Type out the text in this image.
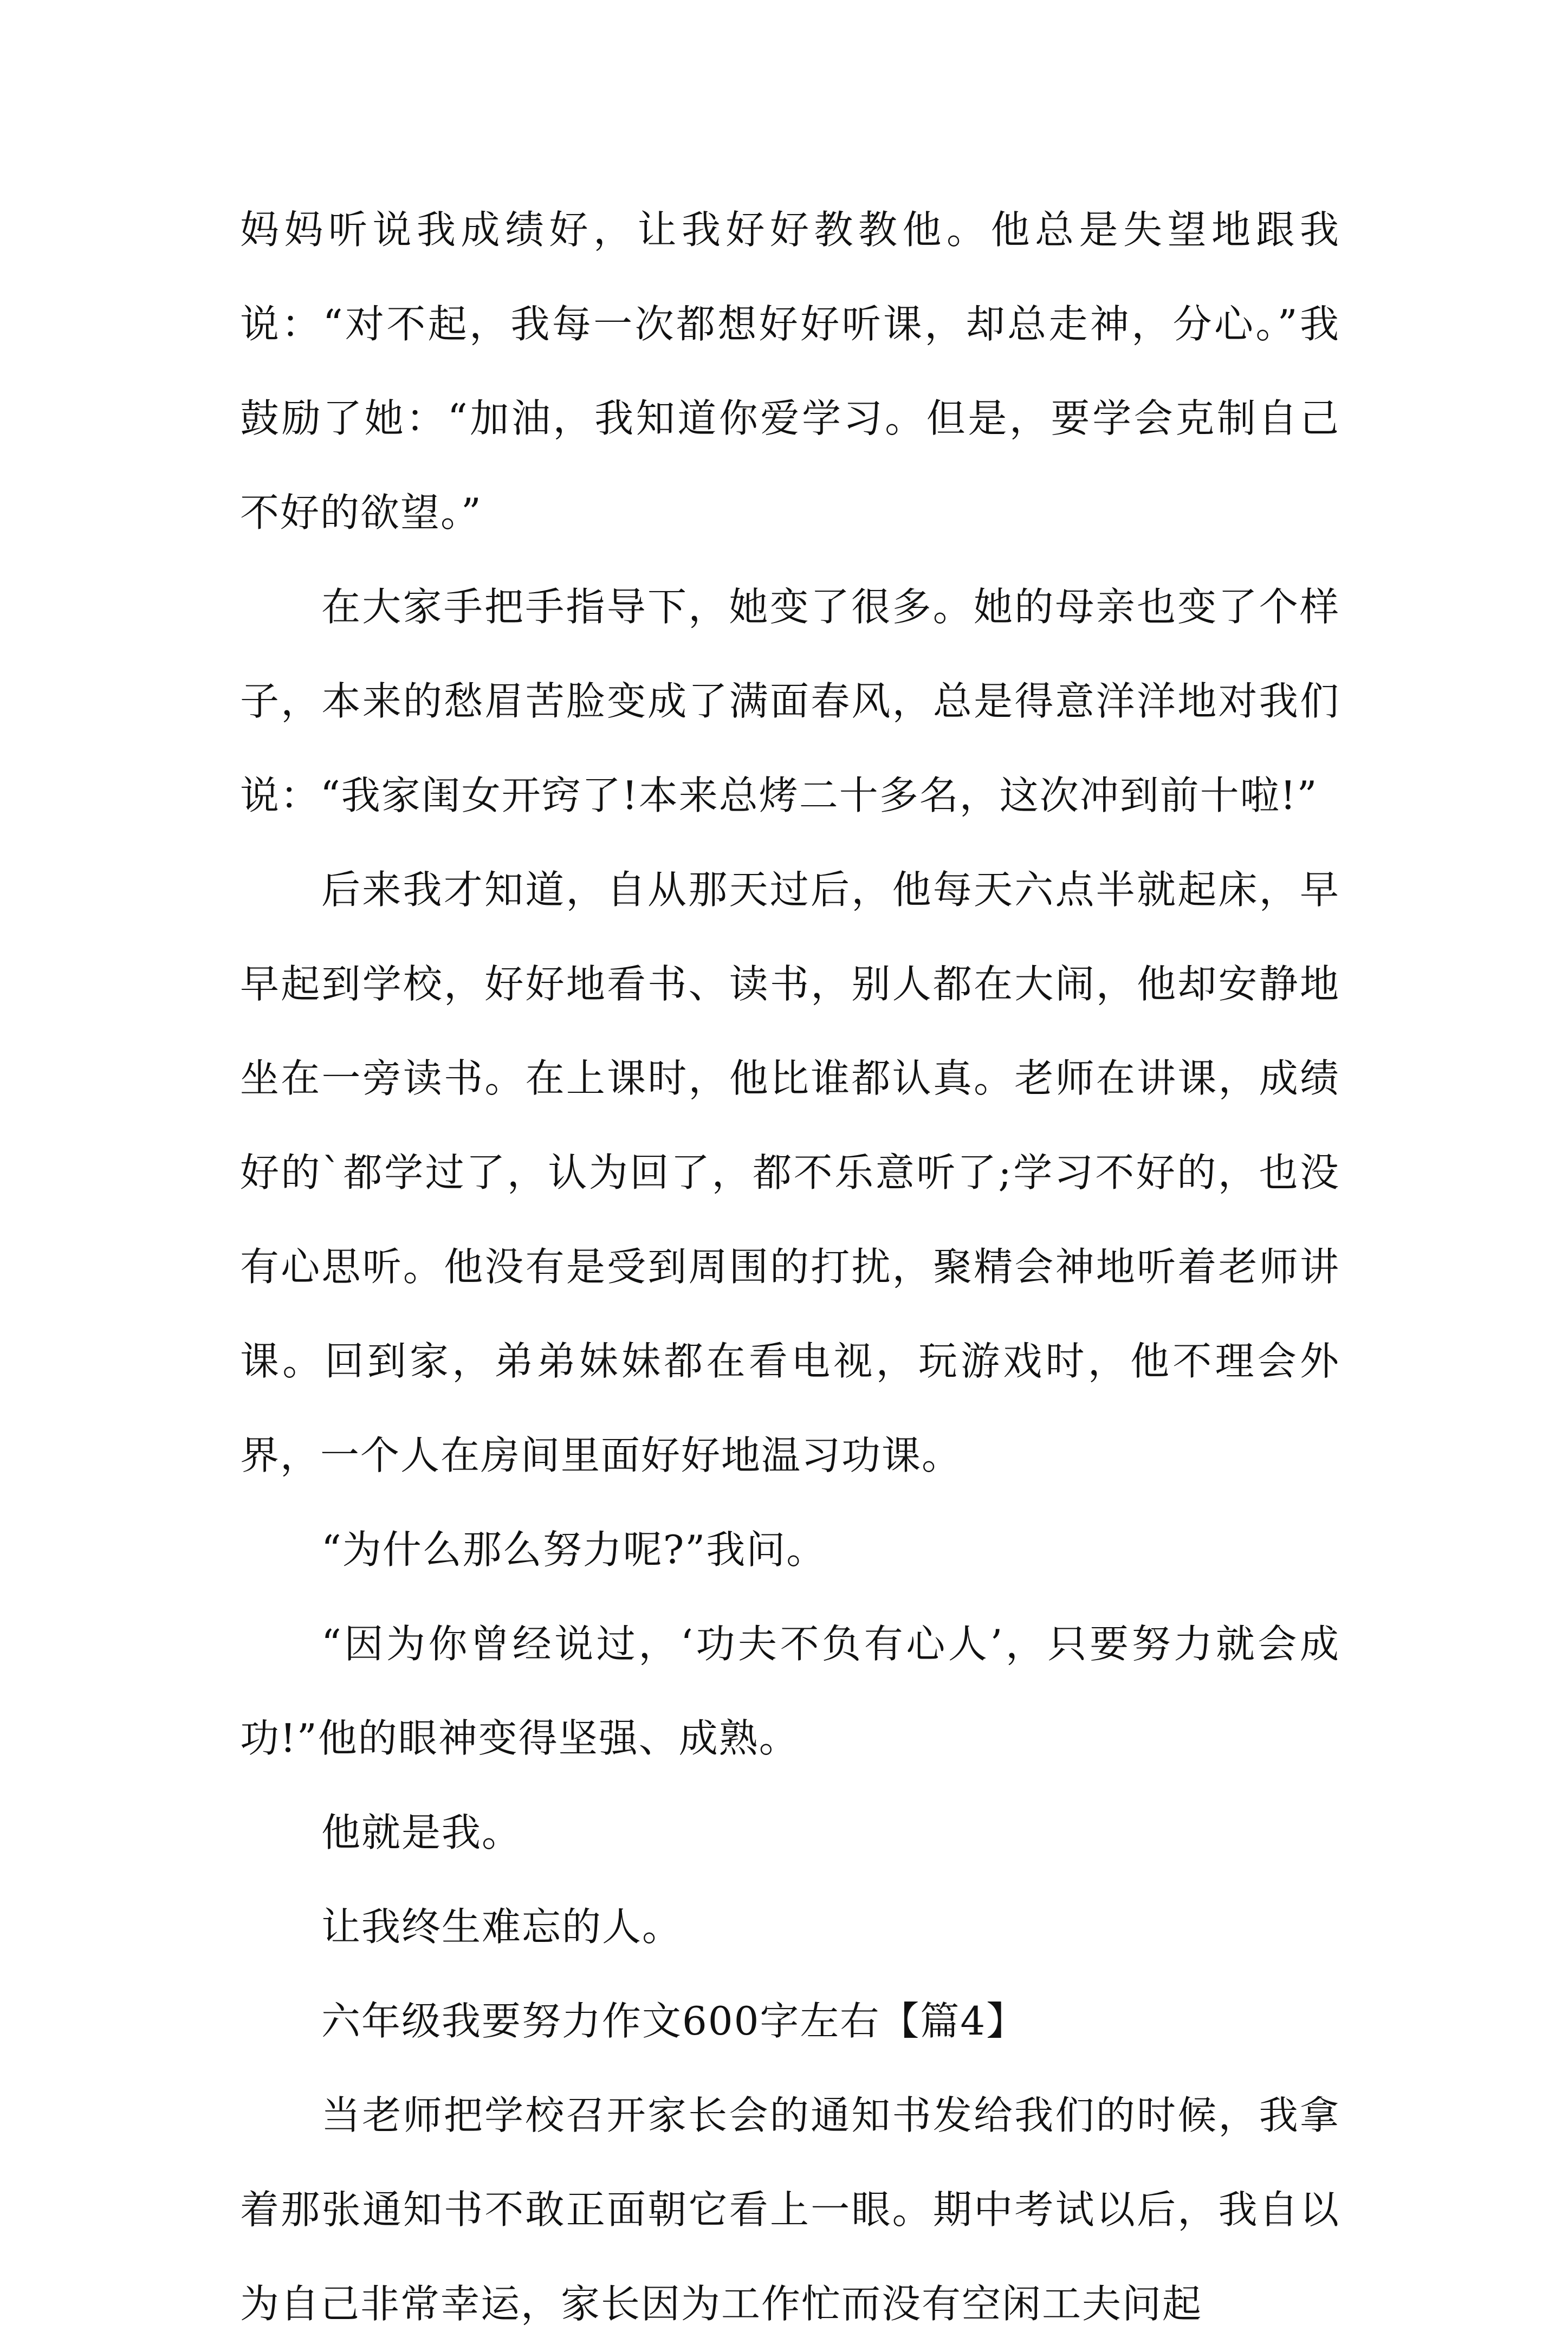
妈妈听说我成绩好，让我好好教教他。他总是失望地跟我说：“对不起，我每一次都想好好听课，却总走神，分心。”我鼓励了她：“加油，我知道你爱学习。但是，要学会克制自己不好的欲望。”

在大家手把手指导下，她变了很多。她的母亲也变了个样子，本来的愁眉苦脸变成了满面春风，总是得意洋洋地对我们说：“我家闺女开窍了!本来总烤二十多名，这次冲到前十啦!”

后来我才知道，自从那天过后，他每天六点半就起床，早早起到学校，好好地看书、读书，别人都在大闹，他却安静地坐在一旁读书。在上课时，他比谁都认真。老师在讲课，成绩好的`都学过了，认为回了，都不乐意听了;学习不好的，也没有心思听。他没有是受到周围的打扰，聚精会神地听着老师讲课。回到家，弟弟妹妹都在看电视，玩游戏时，他不理会外界，一个人在房间里面好好地温习功课。

“为什么那么努力呢?”我问。

“因为你曾经说过，‘功夫不负有心人’，只要努力就会成功!”他的眼神变得坚强、成熟。

他就是我。

让我终生难忘的人。

六年级我要努力作文600字左右【篇4】

当老师把学校召开家长会的通知书发给我们的时候，我拿着那张通知书不敢正面朝它看上一眼。期中考试以后，我自以为自己非常幸运，家长因为工作忙而没有空闲工夫问起
